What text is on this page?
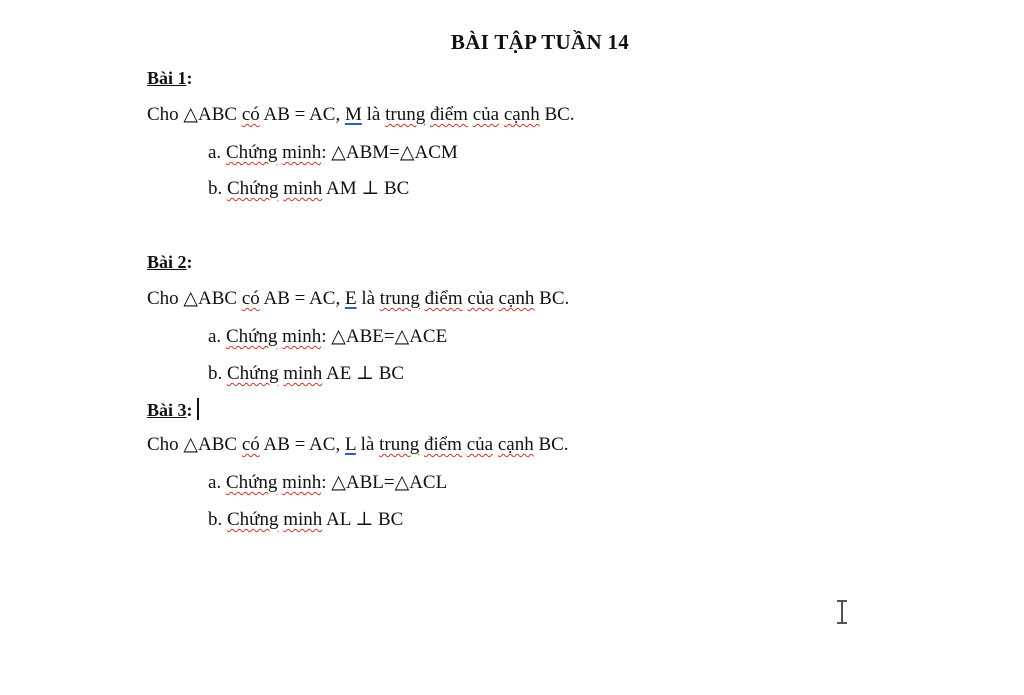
BÀI TẬP TUẦN 14
Bài 1:
Cho △ABC có AB = AC, M là trung điểm của cạnh BC.
a. Chứng minh: △ABM=△ACM
b. Chứng minh AM ⊥ BC
Bài 2:
Cho △ABC có AB = AC, E là trung điểm của cạnh BC.
a. Chứng minh: △ABE=△ACE
b. Chứng minh AE ⊥ BC
Bài 3:
Cho △ABC có AB = AC, L là trung điểm của cạnh BC.
a. Chứng minh: △ABL=△ACL
b. Chứng minh AL ⊥ BC
